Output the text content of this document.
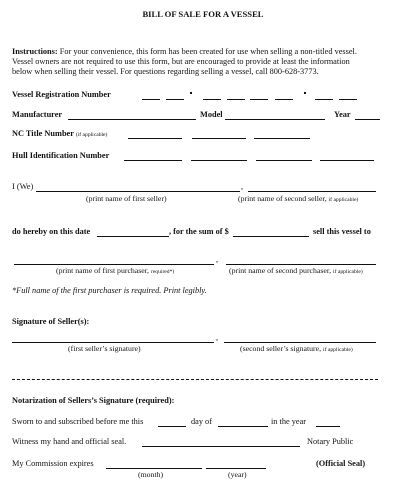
BILL OF SALE FOR A VESSEL
Instructions: For your convenience, this form has been created for use when selling a non-titled vessel.
Vessel owners are not required to use this form, but are encouraged to provide at least the information
below when selling their vessel. For questions regarding selling a vessel, call 800-628-3773.
Vessel Registration Number
Manufacturer	Model	Year
NC Title Number (if applicable)
Hull Identification Number
I (We)	,
(print name of first seller)	(print name of second seller, if applicable)
do hereby on this date	, for the sum of $	sell this vessel to
,
(print name of first purchaser, required*)	(print name of second purchaser, if applicable)
*Full name of the first purchaser is required. Print legibly.
Signature of Seller(s):
,
(first seller’s signature)	(second seller’s signature, if applicable)
Notarization of Sellers’s Signature (required):
Sworn to and subscribed before me this	day of	in the year
Witness my hand and official seal.	Notary Public
My Commission expires	(Official Seal)
(month)	(year)
